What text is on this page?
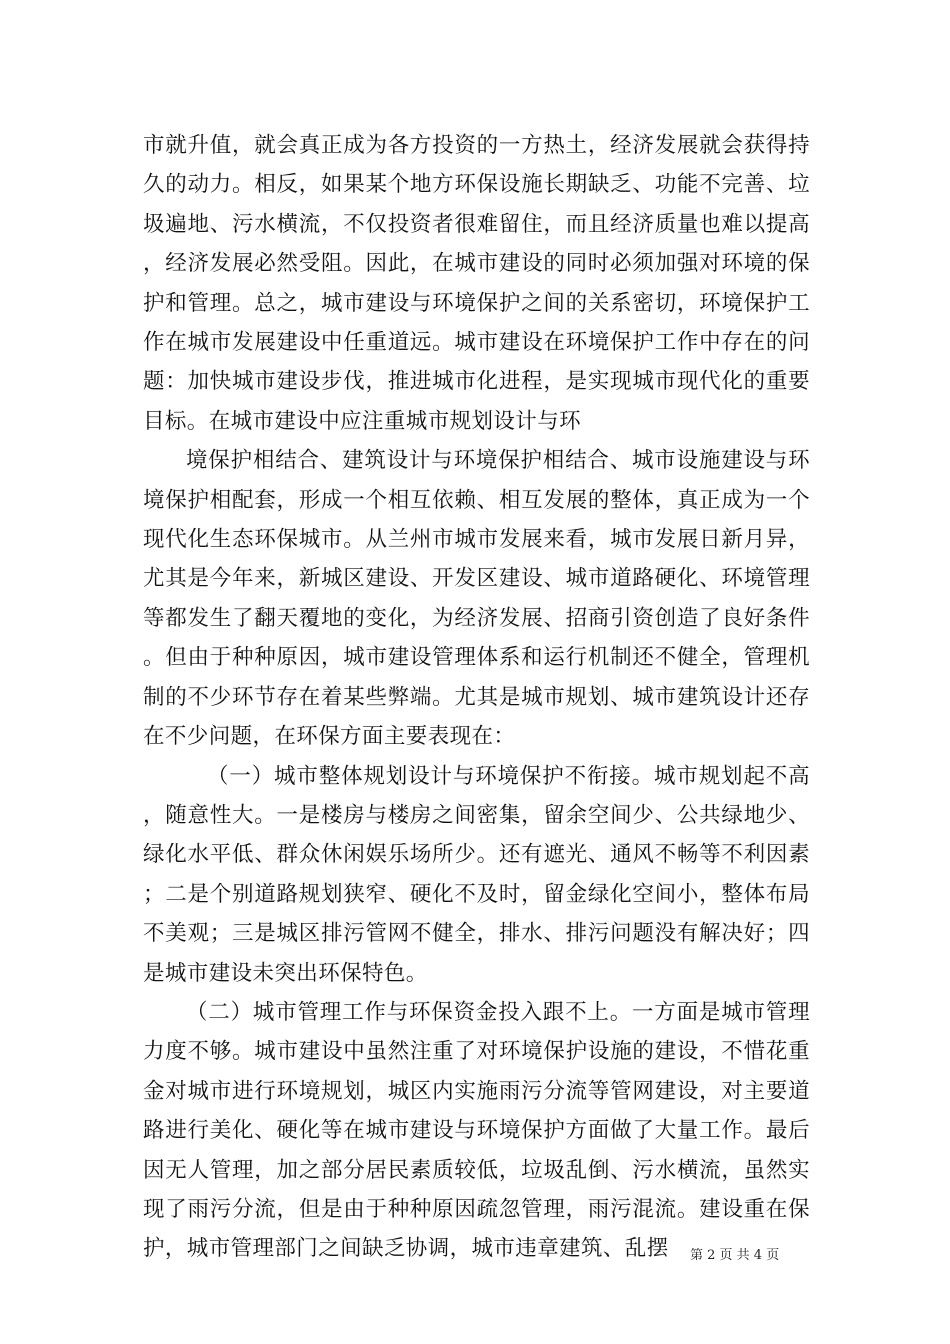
市就升值，就会真正成为各方投资的一方热土，经济发展就会获得持久的动力。相反，如果某个地方环保设施长期缺乏、功能不完善、垃圾遍地、污水横流，不仅投资者很难留住，而且经济质量也难以提高，经济发展必然受阻。因此，在城市建设的同时必须加强对环境的保护和管理。总之，城市建设与环境保护之间的关系密切，环境保护工作在城市发展建设中任重道远。城市建设在环境保护工作中存在的问题：加快城市建设步伐，推进城市化进程，是实现城市现代化的重要目标。在城市建设中应注重城市规划设计与环

境保护相结合、建筑设计与环境保护相结合、城市设施建设与环境保护相配套，形成一个相互依赖、相互发展的整体，真正成为一个现代化生态环保城市。从兰州市城市发展来看，城市发展日新月异，尤其是今年来，新城区建设、开发区建设、城市道路硬化、环境管理等都发生了翻天覆地的变化，为经济发展、招商引资创造了良好条件。但由于种种原因，城市建设管理体系和运行机制还不健全，管理机制的不少环节存在着某些弊端。尤其是城市规划、城市建筑设计还存在不少问题，在环保方面主要表现在：

（一）城市整体规划设计与环境保护不衔接。城市规划起不高，随意性大。一是楼房与楼房之间密集，留余空间少、公共绿地少、绿化水平低、群众休闲娱乐场所少。还有遮光、通风不畅等不利因素；二是个别道路规划狭窄、硬化不及时，留金绿化空间小，整体布局不美观；三是城区排污管网不健全，排水、排污问题没有解决好；四是城市建设未突出环保特色。

（二）城市管理工作与环保资金投入跟不上。一方面是城市管理力度不够。城市建设中虽然注重了对环境保护设施的建设，不惜花重金对城市进行环境规划，城区内实施雨污分流等管网建设，对主要道路进行美化、硬化等在城市建设与环境保护方面做了大量工作。最后因无人管理，加之部分居民素质较低，垃圾乱倒、污水横流，虽然实现了雨污分流，但是由于种种原因疏忽管理，雨污混流。建设重在保护，城市管理部门之间缺乏协调，城市违章建筑、乱摆	第 2 页 共 4 页
